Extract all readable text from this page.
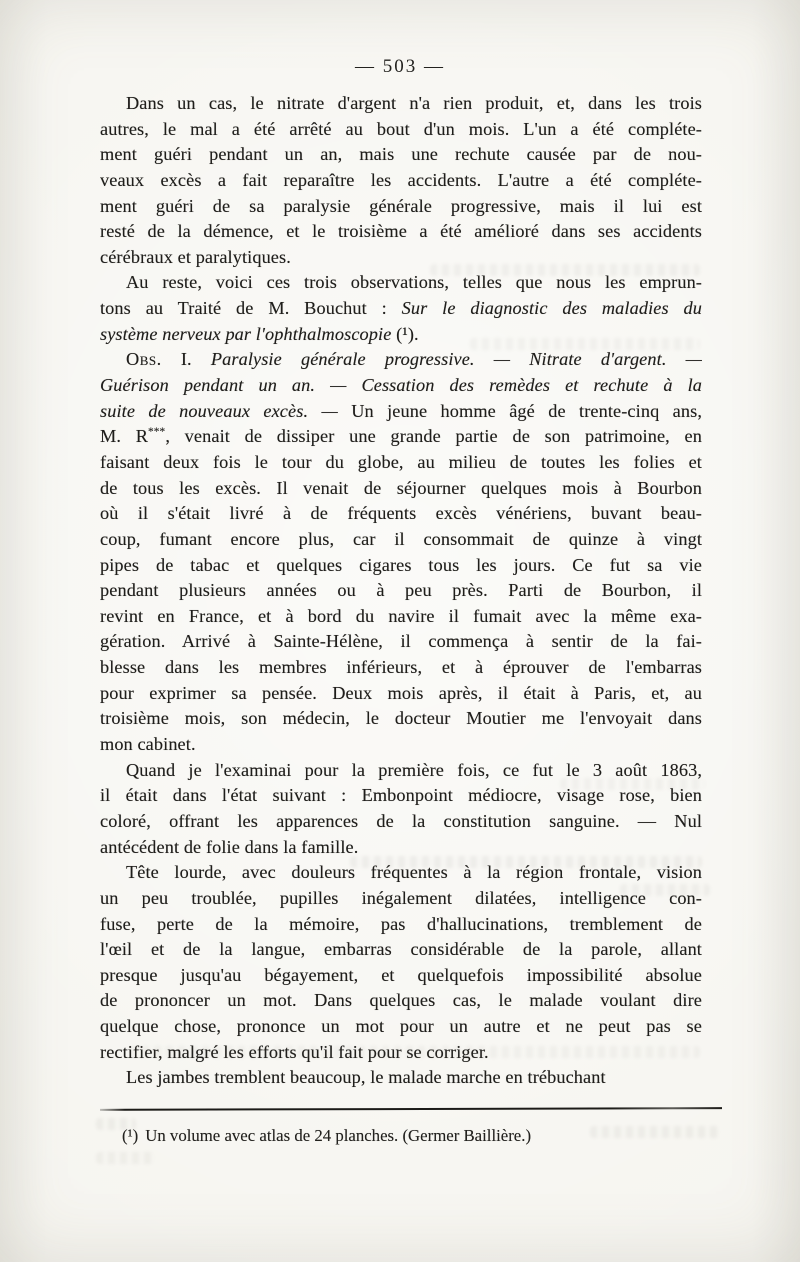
— 503 —
Dans un cas, le nitrate d'argent n'a rien produit, et, dans les trois
autres, le mal a été arrêté au bout d'un mois. L'un a été compléte-
ment guéri pendant un an, mais une rechute causée par de nou-
veaux excès a fait reparaître les accidents. L'autre a été compléte-
ment guéri de sa paralysie générale progressive, mais il lui est
resté de la démence, et le troisième a été amélioré dans ses accidents
cérébraux et paralytiques.
Au reste, voici ces trois observations, telles que nous les emprun-
tons au Traité de M. Bouchut : Sur le diagnostic des maladies du
système nerveux par l'ophthalmoscopie (¹).
Obs. I. Paralysie générale progressive. — Nitrate d'argent. —
Guérison pendant un an. — Cessation des remèdes et rechute à la
suite de nouveaux excès. — Un jeune homme âgé de trente-cinq ans,
M. R***, venait de dissiper une grande partie de son patrimoine, en
faisant deux fois le tour du globe, au milieu de toutes les folies et
de tous les excès. Il venait de séjourner quelques mois à Bourbon
où il s'était livré à de fréquents excès vénériens, buvant beau-
coup, fumant encore plus, car il consommait de quinze à vingt
pipes de tabac et quelques cigares tous les jours. Ce fut sa vie
pendant plusieurs années ou à peu près. Parti de Bourbon, il
revint en France, et à bord du navire il fumait avec la même exa-
gération. Arrivé à Sainte-Hélène, il commença à sentir de la fai-
blesse dans les membres inférieurs, et à éprouver de l'embarras
pour exprimer sa pensée. Deux mois après, il était à Paris, et, au
troisième mois, son médecin, le docteur Moutier me l'envoyait dans
mon cabinet.
Quand je l'examinai pour la première fois, ce fut le 3 août 1863,
il était dans l'état suivant : Embonpoint médiocre, visage rose, bien
coloré, offrant les apparences de la constitution sanguine. — Nul
antécédent de folie dans la famille.
Tête lourde, avec douleurs fréquentes à la région frontale, vision
un peu troublée, pupilles inégalement dilatées, intelligence con-
fuse, perte de la mémoire, pas d'hallucinations, tremblement de
l'œil et de la langue, embarras considérable de la parole, allant
presque jusqu'au bégayement, et quelquefois impossibilité absolue
de prononcer un mot. Dans quelques cas, le malade voulant dire
quelque chose, prononce un mot pour un autre et ne peut pas se
rectifier, malgré les efforts qu'il fait pour se corriger.
Les jambes tremblent beaucoup, le malade marche en trébuchant
(¹) Un volume avec atlas de 24 planches. (Germer Baillière.)
